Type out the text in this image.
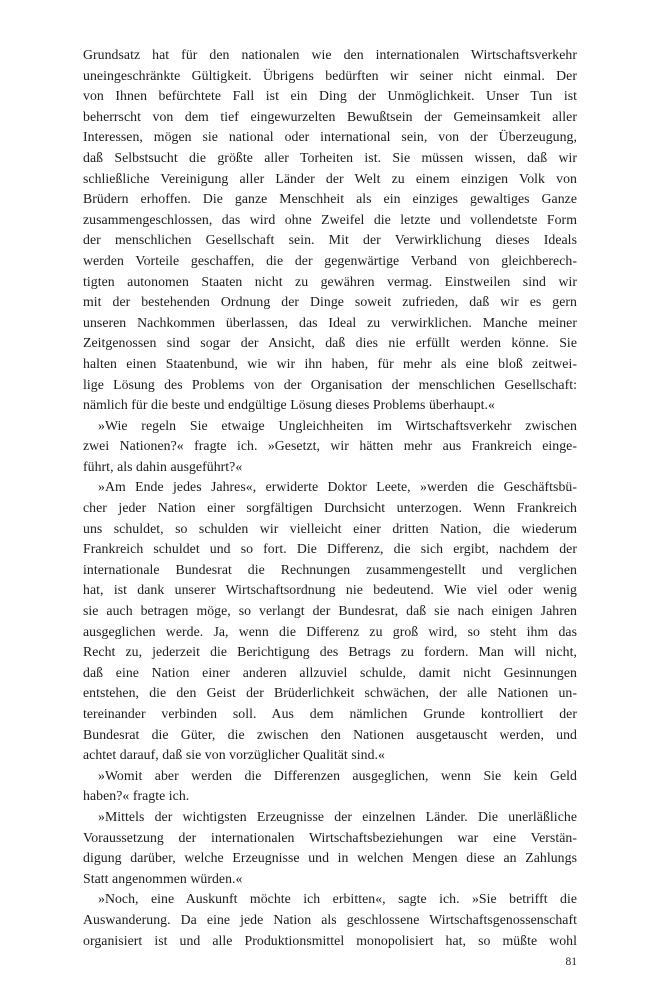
Grundsatz hat für den nationalen wie den internationalen Wirtschaftsverkehr
uneingeschränkte Gültigkeit. Übrigens bedürften wir seiner nicht einmal. Der
von Ihnen befürchtete Fall ist ein Ding der Unmöglichkeit. Unser Tun ist
beherrscht von dem tief eingewurzelten Bewußtsein der Gemeinsamkeit aller
Interessen, mögen sie national oder international sein, von der Überzeugung,
daß Selbstsucht die größte aller Torheiten ist. Sie müssen wissen, daß wir
schließliche Vereinigung aller Länder der Welt zu einem einzigen Volk von
Brüdern erhoffen. Die ganze Menschheit als ein einziges gewaltiges Ganze
zusammengeschlossen, das wird ohne Zweifel die letzte und vollendetste Form
der menschlichen Gesellschaft sein. Mit der Verwirklichung dieses Ideals
werden Vorteile geschaffen, die der gegenwärtige Verband von gleichberech-
tigten autonomen Staaten nicht zu gewähren vermag. Einstweilen sind wir
mit der bestehenden Ordnung der Dinge soweit zufrieden, daß wir es gern
unseren Nachkommen überlassen, das Ideal zu verwirklichen. Manche meiner
Zeitgenossen sind sogar der Ansicht, daß dies nie erfüllt werden könne. Sie
halten einen Staatenbund, wie wir ihn haben, für mehr als eine bloß zeitwei-
lige Lösung des Problems von der Organisation der menschlichen Gesellschaft:
nämlich für die beste und endgültige Lösung dieses Problems überhaupt.«
»Wie regeln Sie etwaige Ungleichheiten im Wirtschaftsverkehr zwischen
zwei Nationen?« fragte ich. »Gesetzt, wir hätten mehr aus Frankreich einge-
führt, als dahin ausgeführt?«
»Am Ende jedes Jahres«, erwiderte Doktor Leete, »werden die Geschäftsbü-
cher jeder Nation einer sorgfältigen Durchsicht unterzogen. Wenn Frankreich
uns schuldet, so schulden wir vielleicht einer dritten Nation, die wiederum
Frankreich schuldet und so fort. Die Differenz, die sich ergibt, nachdem der
internationale Bundesrat die Rechnungen zusammengestellt und verglichen
hat, ist dank unserer Wirtschaftsordnung nie bedeutend. Wie viel oder wenig
sie auch betragen möge, so verlangt der Bundesrat, daß sie nach einigen Jahren
ausgeglichen werde. Ja, wenn die Differenz zu groß wird, so steht ihm das
Recht zu, jederzeit die Berichtigung des Betrags zu fordern. Man will nicht,
daß eine Nation einer anderen allzuviel schulde, damit nicht Gesinnungen
entstehen, die den Geist der Brüderlichkeit schwächen, der alle Nationen un-
tereinander verbinden soll. Aus dem nämlichen Grunde kontrolliert der
Bundesrat die Güter, die zwischen den Nationen ausgetauscht werden, und
achtet darauf, daß sie von vorzüglicher Qualität sind.«
»Womit aber werden die Differenzen ausgeglichen, wenn Sie kein Geld
haben?« fragte ich.
»Mittels der wichtigsten Erzeugnisse der einzelnen Länder. Die unerläßliche
Voraussetzung der internationalen Wirtschaftsbeziehungen war eine Verstän-
digung darüber, welche Erzeugnisse und in welchen Mengen diese an Zahlungs
Statt angenommen würden.«
»Noch, eine Auskunft möchte ich erbitten«, sagte ich. »Sie betrifft die
Auswanderung. Da eine jede Nation als geschlossene Wirtschaftsgenossenschaft
organisiert ist und alle Produktionsmittel monopolisiert hat, so müßte wohl
81
